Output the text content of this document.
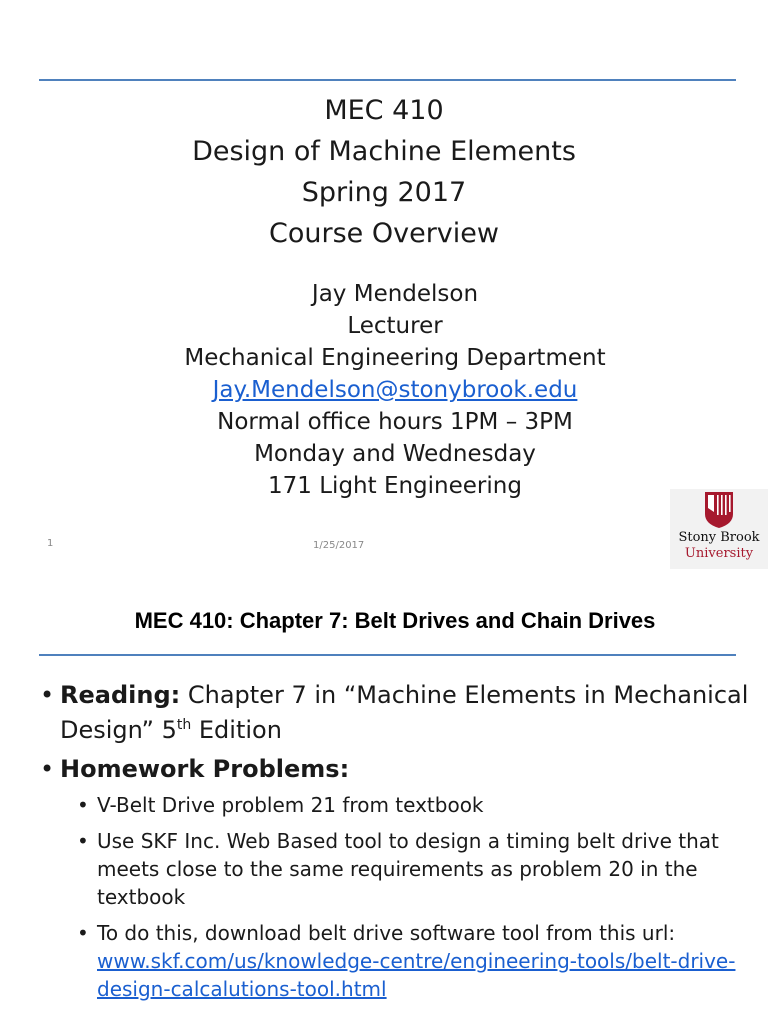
MEC 410
Design of Machine Elements
Spring 2017
Course Overview
Jay Mendelson
Lecturer
Mechanical Engineering Department
Jay.Mendelson@stonybrook.edu
Normal office hours 1PM – 3PM
Monday and Wednesday
171 Light Engineering
1	1/25/2017
Stony Brook
University
MEC 410: Chapter 7: Belt Drives and Chain Drives
• Reading: Chapter 7 in “Machine Elements in Mechanical Design” 5th Edition
• Homework Problems:
• V-Belt Drive problem 21 from textbook
• Use SKF Inc. Web Based tool to design a timing belt drive that meets close to the same requirements as problem 20 in the textbook
• To do this, download belt drive software tool from this url: www.skf.com/us/knowledge-centre/engineering-tools/belt-drive-design-calcalutions-tool.html
